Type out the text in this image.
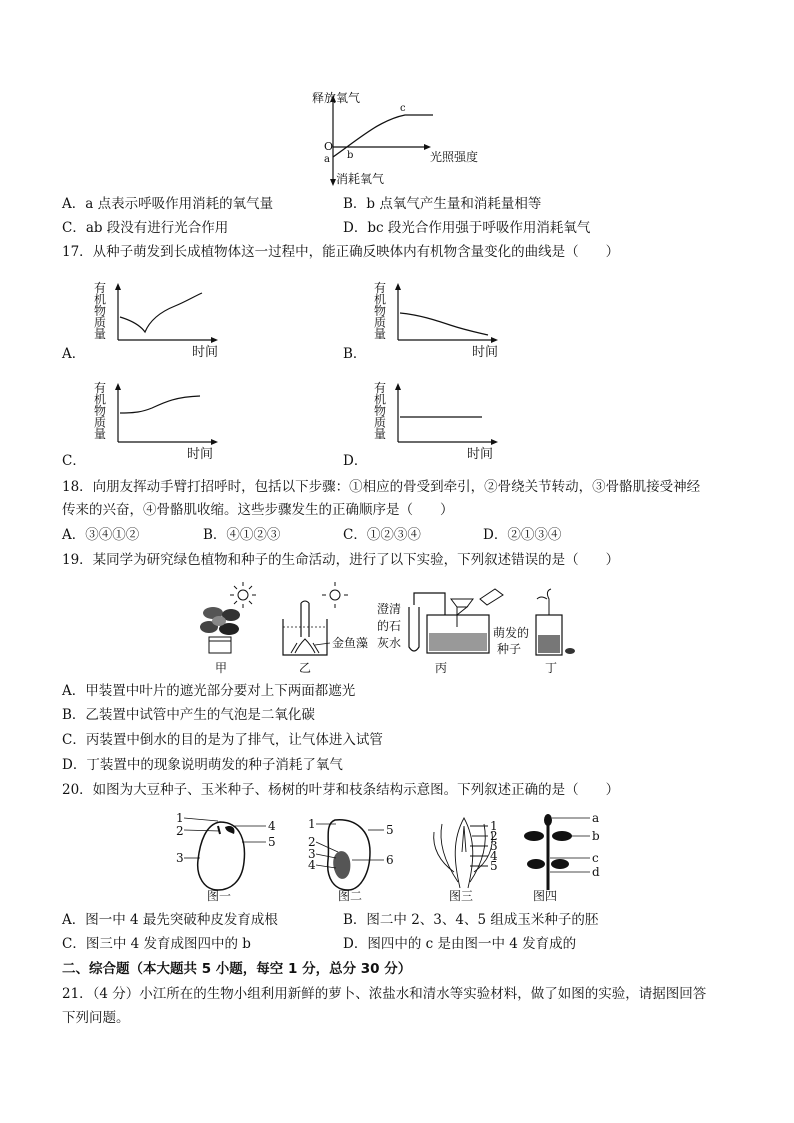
释放氧气
消耗氧气
光照强度
O
a b
c
A．a 点表示呼吸作用消耗的氧气量	B．b 点氧气产生量和消耗量相等
C．ab 段没有进行光合作用	D．bc 段光合作用强于呼吸作用消耗氧气
17．从种子萌发到长成植物体这一过程中，能正确反映体内有机物含量变化的曲线是（　　）
有
机
物
质
量
时间
有
机
物
质
量
时间
有
机
物
质
量
时间
有
机
物
质
量
时间
A．	B．
C．	D．
18．向朋友挥动手臂打招呼时，包括以下步骤：①相应的骨受到牵引，②骨绕关节转动，③骨骼肌接受神经
传来的兴奋，④骨骼肌收缩。这些步骤发生的正确顺序是（　　）
A．③④①②	B．④①②③	C．①②③④	D．②①③④
19．某同学为研究绿色植物和种子的生命活动，进行了以下实验，下列叙述错误的是（　　）
甲
金鱼藻
乙
澄清
的石
灰水
丙
萌发的
种子
丁
A．甲装置中叶片的遮光部分要对上下两面都遮光
B．乙装置中试管中产生的气泡是二氧化碳
C．丙装置中倒水的目的是为了排气，让气体进入试管
D．丁装置中的现象说明萌发的种子消耗了氧气
20．如图为大豆种子、玉米种子、杨树的叶芽和枝条结构示意图。下列叙述正确的是（　　）
1
2
3
4
5
图一
1
2
3
4
5
6
图二
1
2
3
4
5
图三
a
b
c
d
图四
A．图一中 4 最先突破种皮发育成根	B．图二中 2、3、4、5 组成玉米种子的胚
C．图三中 4 发育成图四中的 b	D．图四中的 c 是由图一中 4 发育成的
二、综合题（本大题共 5 小题，每空 1 分，总分 30 分）
21．（4 分）小江所在的生物小组利用新鲜的萝卜、浓盐水和清水等实验材料，做了如图的实验，请据图回答
下列问题。
